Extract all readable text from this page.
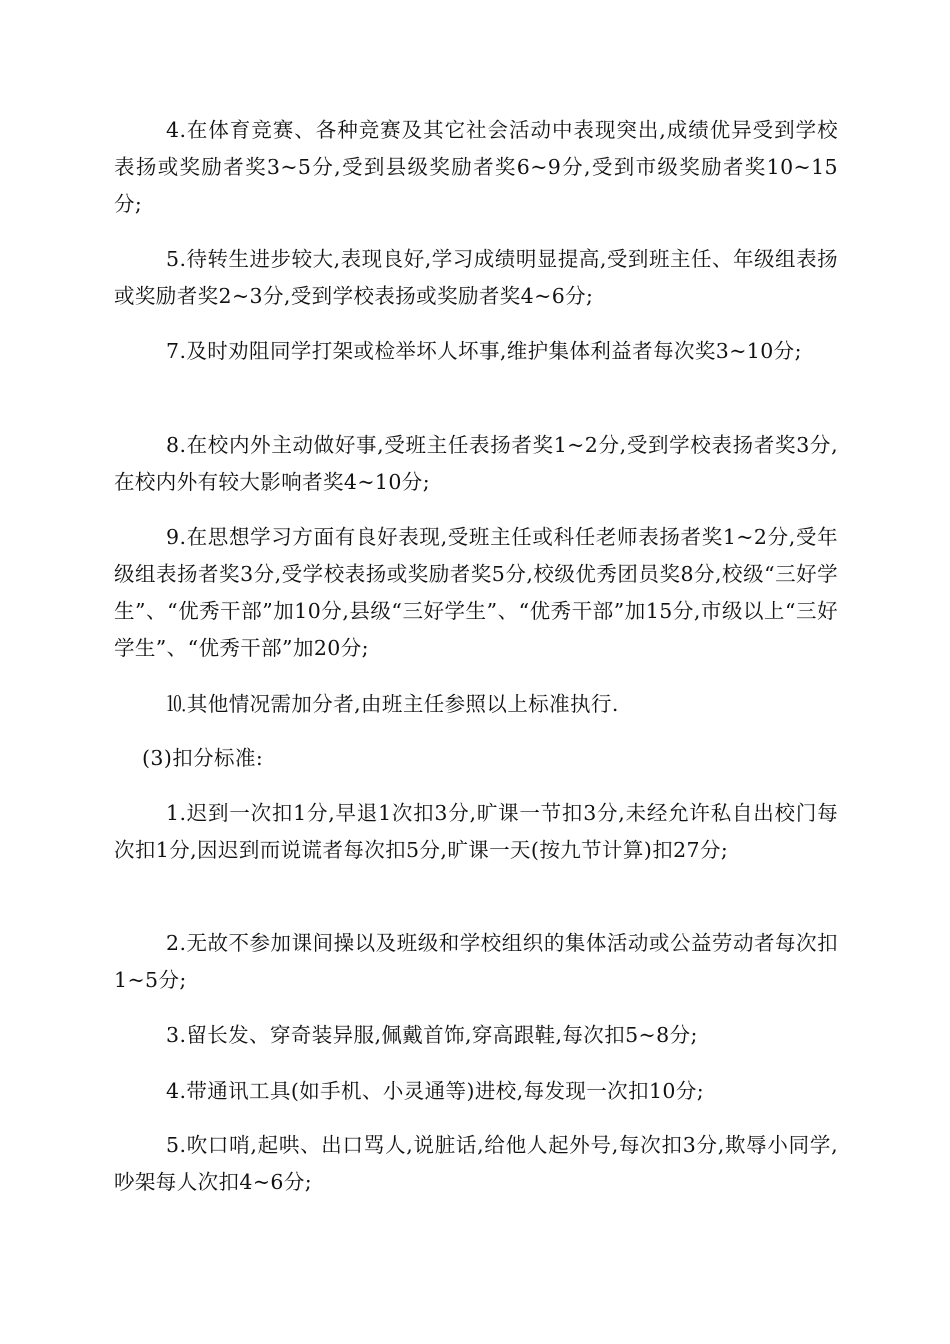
4.在体育竞赛、各种竞赛及其它社会活动中表现突出,成绩优异受到学校表扬或奖励者奖3~5分,受到县级奖励者奖6~9分,受到市级奖励者奖10~15分;

5.待转生进步较大,表现良好,学习成绩明显提高,受到班主任、年级组表扬或奖励者奖2~3分,受到学校表扬或奖励者奖4~6分;

7.及时劝阻同学打架或检举坏人坏事,维护集体利益者每次奖3~10分;

8.在校内外主动做好事,受班主任表扬者奖1~2分,受到学校表扬者奖3分,在校内外有较大影响者奖4~10分;

9.在思想学习方面有良好表现,受班主任或科任老师表扬者奖1~2分,受年级组表扬者奖3分,受学校表扬或奖励者奖5分,校级优秀团员奖8分,校级“三好学生”、“优秀干部”加10分,县级“三好学生”、“优秀干部”加15分,市级以上“三好学生”、“优秀干部”加20分;

⒑其他情况需加分者,由班主任参照以上标准执行.

(3)扣分标准:

1.迟到一次扣1分,早退1次扣3分,旷课一节扣3分,未经允许私自出校门每次扣1分,因迟到而说谎者每次扣5分,旷课一天(按九节计算)扣27分;

2.无故不参加课间操以及班级和学校组织的集体活动或公益劳动者每次扣1~5分;

3.留长发、穿奇装异服,佩戴首饰,穿高跟鞋,每次扣5~8分;

4.带通讯工具(如手机、小灵通等)进校,每发现一次扣10分;

5.吹口哨,起哄、出口骂人,说脏话,给他人起外号,每次扣3分,欺辱小同学,吵架每人次扣4~6分;
